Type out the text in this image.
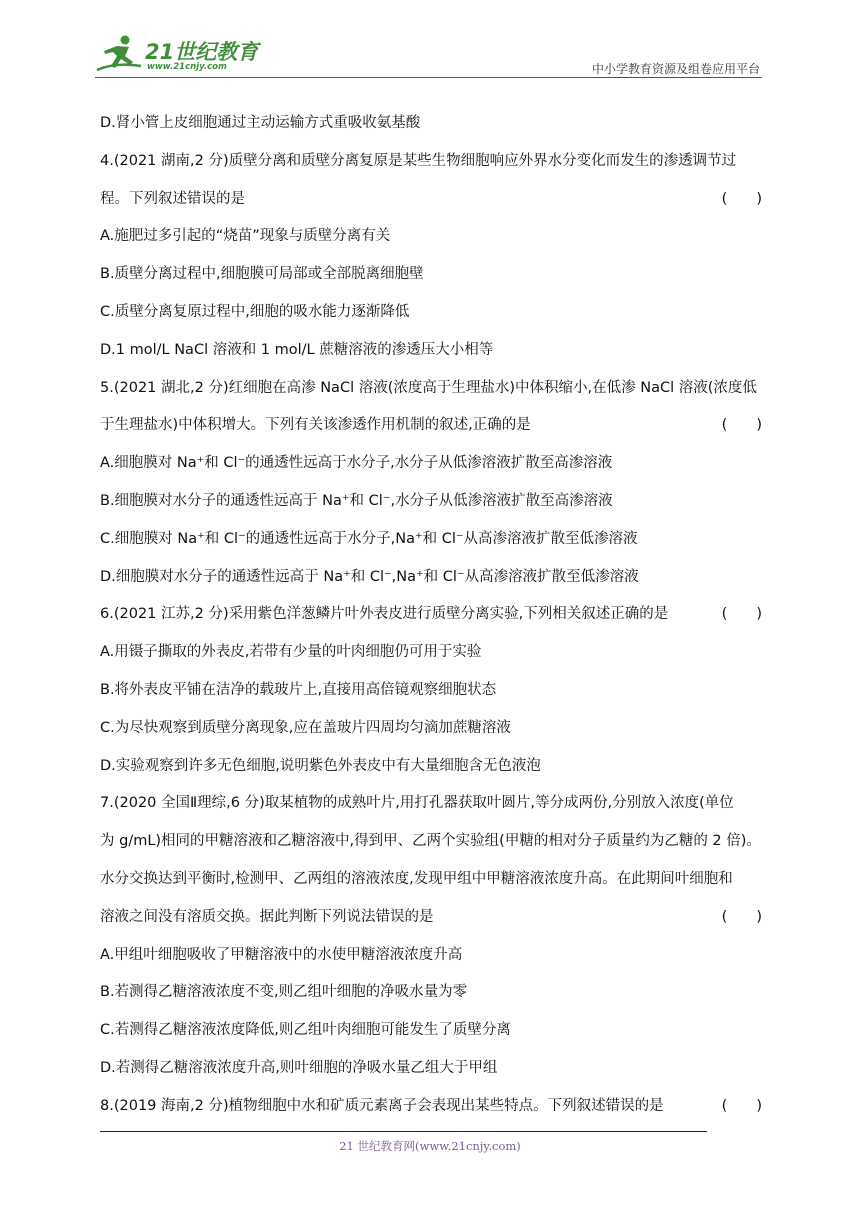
21世纪教育
www.21cnjy.com	中小学教育资源及组卷应用平台
D.肾小管上皮细胞通过主动运输方式重吸收氨基酸
4.(2021 湖南,2 分)质壁分离和质壁分离复原是某些生物细胞响应外界水分变化而发生的渗透调节过
程。下列叙述错误的是	(　　)
A.施肥过多引起的“烧苗”现象与质壁分离有关
B.质壁分离过程中,细胞膜可局部或全部脱离细胞壁
C.质壁分离复原过程中,细胞的吸水能力逐渐降低
D.1 mol/L NaCl 溶液和 1 mol/L 蔗糖溶液的渗透压大小相等
5.(2021 湖北,2 分)红细胞在高渗 NaCl 溶液(浓度高于生理盐水)中体积缩小,在低渗 NaCl 溶液(浓度低
于生理盐水)中体积增大。下列有关该渗透作用机制的叙述,正确的是	(　　)
A.细胞膜对 Na⁺和 Cl⁻的通透性远高于水分子,水分子从低渗溶液扩散至高渗溶液
B.细胞膜对水分子的通透性远高于 Na⁺和 Cl⁻,水分子从低渗溶液扩散至高渗溶液
C.细胞膜对 Na⁺和 Cl⁻的通透性远高于水分子,Na⁺和 Cl⁻从高渗溶液扩散至低渗溶液
D.细胞膜对水分子的通透性远高于 Na⁺和 Cl⁻,Na⁺和 Cl⁻从高渗溶液扩散至低渗溶液
6.(2021 江苏,2 分)采用紫色洋葱鳞片叶外表皮进行质壁分离实验,下列相关叙述正确的是	(　　)
A.用镊子撕取的外表皮,若带有少量的叶肉细胞仍可用于实验
B.将外表皮平铺在洁净的载玻片上,直接用高倍镜观察细胞状态
C.为尽快观察到质壁分离现象,应在盖玻片四周均匀滴加蔗糖溶液
D.实验观察到许多无色细胞,说明紫色外表皮中有大量细胞含无色液泡
7.(2020 全国Ⅱ理综,6 分)取某植物的成熟叶片,用打孔器获取叶圆片,等分成两份,分别放入浓度(单位
为 g/mL)相同的甲糖溶液和乙糖溶液中,得到甲、乙两个实验组(甲糖的相对分子质量约为乙糖的 2 倍)。
水分交换达到平衡时,检测甲、乙两组的溶液浓度,发现甲组中甲糖溶液浓度升高。在此期间叶细胞和
溶液之间没有溶质交换。据此判断下列说法错误的是	(　　)
A.甲组叶细胞吸收了甲糖溶液中的水使甲糖溶液浓度升高
B.若测得乙糖溶液浓度不变,则乙组叶细胞的净吸水量为零
C.若测得乙糖溶液浓度降低,则乙组叶肉细胞可能发生了质壁分离
D.若测得乙糖溶液浓度升高,则叶细胞的净吸水量乙组大于甲组
8.(2019 海南,2 分)植物细胞中水和矿质元素离子会表现出某些特点。下列叙述错误的是	(　　)
21 世纪教育网(www.21cnjy.com)
